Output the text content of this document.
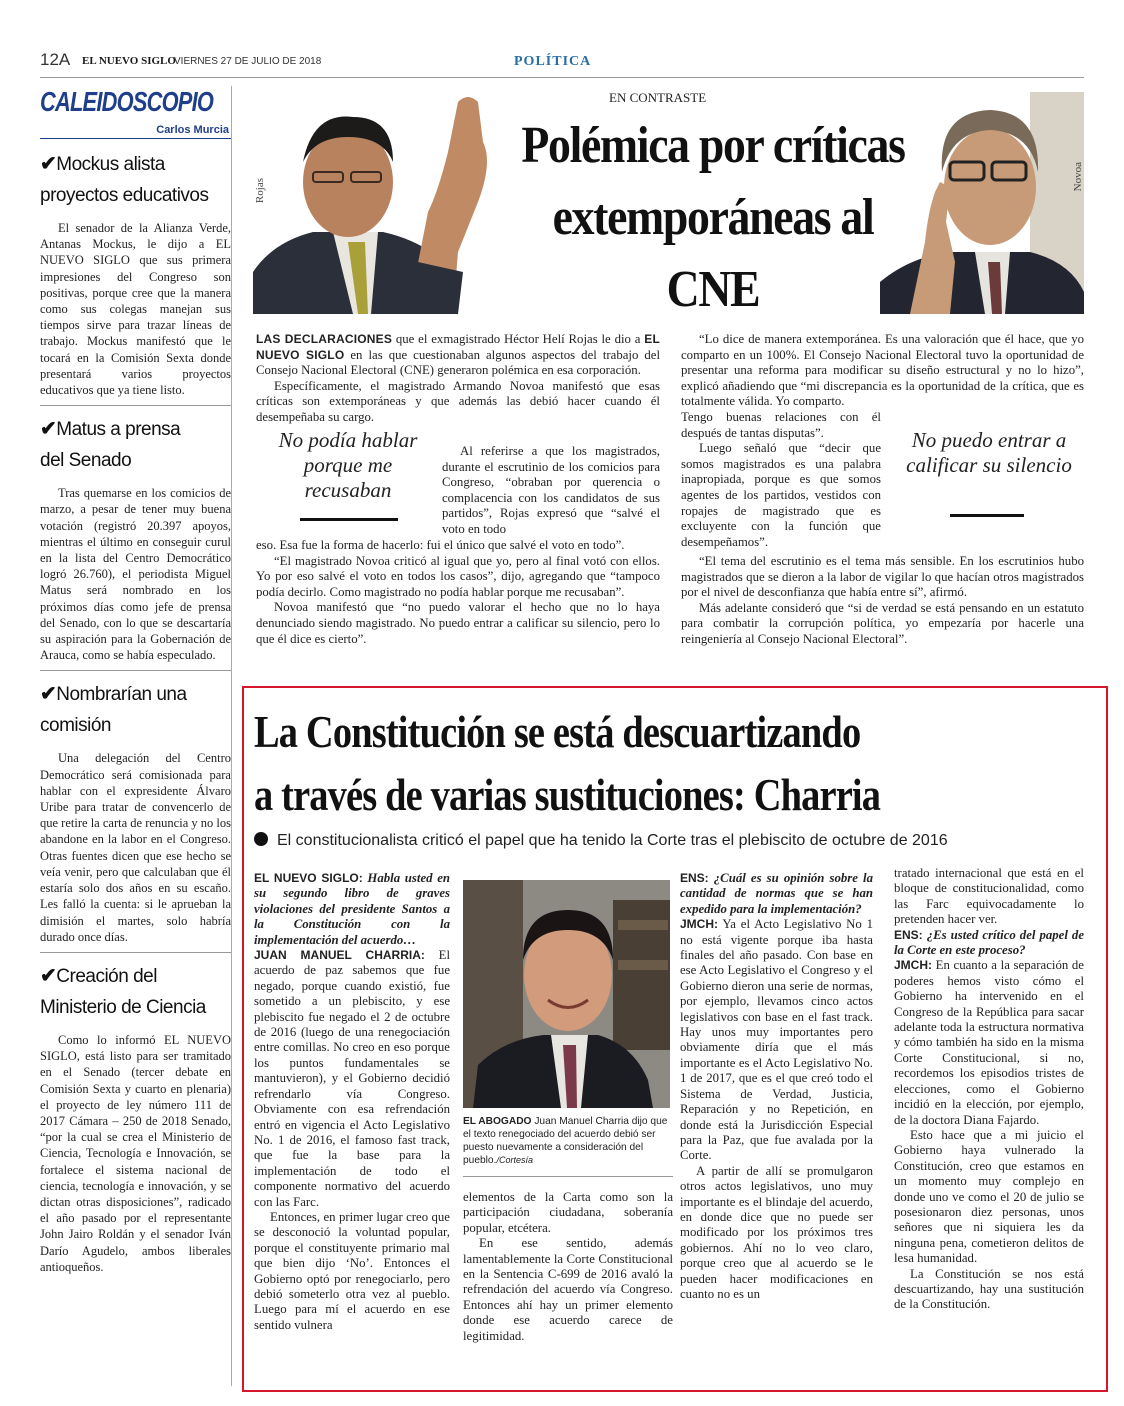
12A EL NUEVO SIGLO
VIERNES 27 DE JULIO DE 2018	POLÍTICA
CALEIDOSCOPIO
Carlos Murcia
✔Mockus alista
proyectos educativos
El senador de la Alianza Verde, Antanas Mockus, le dijo a EL NUEVO SIGLO que sus primera impresiones del Congreso son positivas, porque cree que la manera como sus colegas manejan sus tiempos sirve para trazar líneas de trabajo. Mockus manifestó que le tocará en la Comisión Sexta donde presentará varios proyectos educativos que ya tiene listo.
✔Matus a prensa
del Senado
Tras quemarse en los comicios de marzo, a pesar de tener muy buena votación (registró 20.397 apoyos, mientras el último en conseguir curul en la lista del Centro Democrático logró 26.760), el periodista Miguel Matus será nombrado en los próximos días como jefe de prensa del Senado, con lo que se descartaría su aspiración para la Gobernación de Arauca, como se había especulado.
✔Nombrarían una
comisión
Una delegación del Centro Democrático será comisionada para hablar con el expresidente Álvaro Uribe para tratar de convencerlo de que retire la carta de renuncia y no los abandone en la labor en el Congreso. Otras fuentes dicen que ese hecho se veía venir, pero que calculaban que él estaría solo dos años en su escaño. Les falló la cuenta: si le aprueban la dimisión el martes, solo habría durado once días.
✔Creación del
Ministerio de Ciencia
Como lo informó EL NUEVO SIGLO, está listo para ser tramitado en el Senado (tercer debate en Comisión Sexta y cuarto en plenaria) el proyecto de ley número 111 de 2017 Cámara – 250 de 2018 Senado, “por la cual se crea el Ministerio de Ciencia, Tecnología e Innovación, se fortalece el sistema nacional de ciencia, tecnología e innovación, y se dictan otras disposiciones”, radicado el año pasado por el representante John Jairo Roldán y el senador Iván Darío Agudelo, ambos liberales antioqueños.
Rojas	Novoa
EN CONTRASTE
Polémica por críticas extemporáneas al CNE

LAS DECLARACIONES que el exmagistrado Héctor Helí Rojas le dio a EL NUEVO SIGLO en las que cuestionaban algunos aspectos del trabajo del Consejo Nacional Electoral (CNE) generaron polémica en esa corporación.

Específicamente, el magistrado Armando Novoa manifestó que esas críticas son extemporáneas y que además las debió hacer cuando él desempeñaba su cargo.

Al referirse a que los magistrados, durante el escrutinio de los comicios para Congreso, “obraban por querencia o complacencia con los candidatos de sus partidos”, Rojas expresó que “salvé el voto en todo

No podía hablar porque me recusaban

eso. Esa fue la forma de hacerlo: fui el único que salvé el voto en todo”.

“El magistrado Novoa criticó al igual que yo, pero al final votó con ellos. Yo por eso salvé el voto en todos los casos”, dijo, agregando que “tampoco podía decirlo. Como magistrado no podía hablar porque me recusaban”.

Novoa manifestó que “no puedo valorar el hecho que no lo haya denunciado siendo magistrado. No puedo entrar a calificar su silencio, pero lo que él dice es cierto”.

“Lo dice de manera extemporánea. Es una valoración que él hace, que yo comparto en un 100%. El Consejo Nacional Electoral tuvo la oportunidad de presentar una reforma para modificar su diseño estructural y no lo hizo”, explicó añadiendo que “mi discrepancia es la oportunidad de la crítica, que es totalmente válida. Yo comparto.

Tengo buenas relaciones con él después de tantas disputas”.

Luego señaló que “decir que somos magistrados es una palabra inapropiada, porque es que somos agentes de los partidos, vestidos con ropajes de magistrado que es excluyente con la función que desempeñamos”.

No puedo entrar a calificar su silencio

“El tema del escrutinio es el tema más sensible. En los escrutinios hubo magistrados que se dieron a la labor de vigilar lo que hacían otros magistrados por el nivel de desconfianza que había entre sí”, afirmó.

Más adelante consideró que “si de verdad se está pensando en un estatuto para combatir la corrupción política, yo empezaría por hacerle una reingeniería al Consejo Nacional Electoral”.

La Constitución se está descuartizando
a través de varias sustituciones: Charria
El constitucionalista criticó el papel que ha tenido la Corte tras el plebiscito de octubre de 2016

EL NUEVO SIGLO: Habla usted en su segundo libro de graves violaciones del presidente Santos a la Constitución con la implementación del acuerdo…

JUAN MANUEL CHARRIA: El acuerdo de paz sabemos que fue negado, porque cuando existió, fue sometido a un plebiscito, y ese plebiscito fue negado el 2 de octubre de 2016 (luego de una renegociación entre comillas. No creo en eso porque los puntos fundamentales se mantuvieron), y el Gobierno decidió refrendarlo vía Congreso. Obviamente con esa refrendación entró en vigencia el Acto Legislativo No. 1 de 2016, el famoso fast track, que fue la base para la implementación de todo el componente normativo del acuerdo con las Farc.

Entonces, en primer lugar creo que se desconoció la voluntad popular, porque el constituyente primario mal que bien dijo ‘No’. Entonces el Gobierno optó por renegociarlo, pero debió someterlo otra vez al pueblo. Luego para mí el acuerdo en ese sentido vulnera

EL ABOGADO Juan Manuel Charria dijo que el texto renegociado del acuerdo debió ser puesto nuevamente a consideración del pueblo./Cortesía

elementos de la Carta como son la participación ciudadana, soberanía popular, etcétera.

En ese sentido, además lamentablemente la Corte Constitucional en la Sentencia C-699 de 2016 avaló la refrendación del acuerdo vía Congreso. Entonces ahí hay un primer elemento donde ese acuerdo carece de legitimidad.

ENS: ¿Cuál es su opinión sobre la cantidad de normas que se han expedido para la implementación?

JMCH: Ya el Acto Legislativo No 1 no está vigente porque iba hasta finales del año pasado. Con base en ese Acto Legislativo el Congreso y el Gobierno dieron una serie de normas, por ejemplo, llevamos cinco actos legislativos con base en el fast track. Hay unos muy importantes pero obviamente diría que el más importante es el Acto Legislativo No. 1 de 2017, que es el que creó todo el Sistema de Verdad, Justicia, Reparación y no Repetición, en donde está la Jurisdicción Especial para la Paz, que fue avalada por la Corte.

A partir de allí se promulgaron otros actos legislativos, uno muy importante es el blindaje del acuerdo, en donde dice que no puede ser modificado por los próximos tres gobiernos. Ahí no lo veo claro, porque creo que al acuerdo se le pueden hacer modificaciones en cuanto no es un

tratado internacional que está en el bloque de constitucionalidad, como las Farc equivocadamente lo pretenden hacer ver.

ENS: ¿Es usted crítico del papel de la Corte en este proceso?

JMCH: En cuanto a la separación de poderes hemos visto cómo el Gobierno ha intervenido en el Congreso de la República para sacar adelante toda la estructura normativa y cómo también ha sido en la misma Corte Constitucional, si no, recordemos los episodios tristes de elecciones, como el Gobierno incidió en la elección, por ejemplo, de la doctora Diana Fajardo.

Esto hace que a mi juicio el Gobierno haya vulnerado la Constitución, creo que estamos en un momento muy complejo en donde uno ve como el 20 de julio se posesionaron diez personas, unos señores que ni siquiera les da ninguna pena, cometieron delitos de lesa humanidad.

La Constitución se nos está descuartizando, hay una sustitución de la Constitución.
